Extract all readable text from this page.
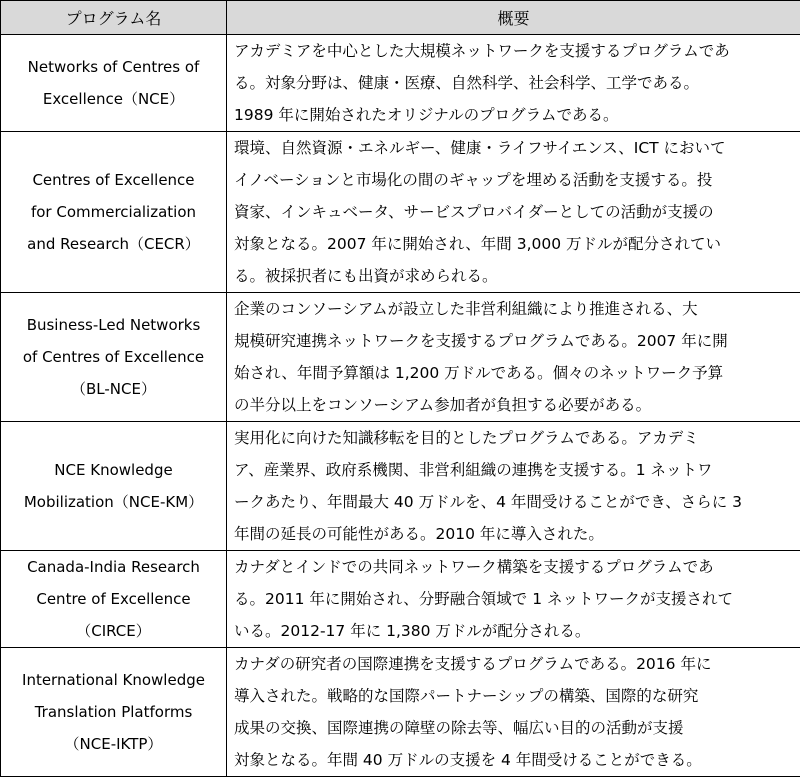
プログラム名	概要

Networks of Centres of
Excellence（NCE）	アカデミアを中心とした大規模ネットワークを支援するプログラムであ
る。対象分野は、健康・医療、自然科学、社会科学、工学である。
1989 年に開始されたオリジナルのプログラムである。

Centres of Excellence
for Commercialization
and Research（CECR）	環境、自然資源・エネルギー、健康・ライフサイエンス、ICT において
イノベーションと市場化の間のギャップを埋める活動を支援する。投
資家、インキュベータ、サービスプロバイダーとしての活動が支援の
対象となる。2007 年に開始され、年間 3,000 万ドルが配分されてい
る。被採択者にも出資が求められる。

Business-Led Networks
of Centres of Excellence
（BL-NCE）	企業のコンソーシアムが設立した非営利組織により推進される、大
規模研究連携ネットワークを支援するプログラムである。2007 年に開
始され、年間予算額は 1,200 万ドルである。個々のネットワーク予算
の半分以上をコンソーシアム参加者が負担する必要がある。

NCE Knowledge
Mobilization（NCE-KM）	実用化に向けた知識移転を目的としたプログラムである。アカデミ
ア、産業界、政府系機関、非営利組織の連携を支援する。1 ネットワ
ークあたり、年間最大 40 万ドルを、4 年間受けることができ、さらに 3
年間の延長の可能性がある。2010 年に導入された。

Canada-India Research
Centre of Excellence
（CIRCE）	カナダとインドでの共同ネットワーク構築を支援するプログラムであ
る。2011 年に開始され、分野融合領域で 1 ネットワークが支援されて
いる。2012-17 年に 1,380 万ドルが配分される。

International Knowledge
Translation Platforms
（NCE-IKTP）	カナダの研究者の国際連携を支援するプログラムである。2016 年に
導入された。戦略的な国際パートナーシップの構築、国際的な研究
成果の交換、国際連携の障壁の除去等、幅広い目的の活動が支援
対象となる。年間 40 万ドルの支援を 4 年間受けることができる。
